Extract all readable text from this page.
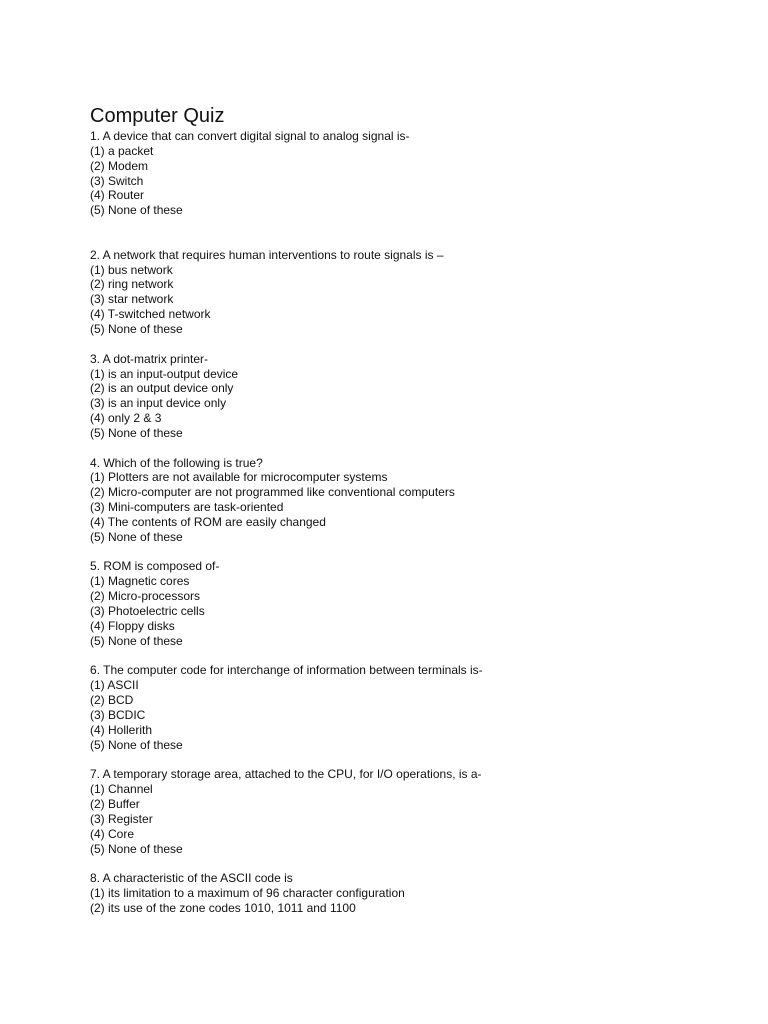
Computer Quiz
1. A device that can convert digital signal to analog signal is-
(1) a packet
(2) Modem
(3) Switch
(4) Router
(5) None of these
2. A network that requires human interventions to route signals is –
(1) bus network
(2) ring network
(3) star network
(4) T-switched network
(5) None of these
3. A dot-matrix printer-
(1) is an input-output device
(2) is an output device only
(3) is an input device only
(4) only 2 & 3
(5) None of these
4. Which of the following is true?
(1) Plotters are not available for microcomputer systems
(2) Micro-computer are not programmed like conventional computers
(3) Mini-computers are task-oriented
(4) The contents of ROM are easily changed
(5) None of these
5. ROM is composed of-
(1) Magnetic cores
(2) Micro-processors
(3) Photoelectric cells
(4) Floppy disks
(5) None of these
6. The computer code for interchange of information between terminals is-
(1) ASCII
(2) BCD
(3) BCDIC
(4) Hollerith
(5) None of these
7. A temporary storage area, attached to the CPU, for I/O operations, is a-
(1) Channel
(2) Buffer
(3) Register
(4) Core
(5) None of these
8. A characteristic of the ASCII code is
(1) its limitation to a maximum of 96 character configuration
(2) its use of the zone codes 1010, 1011 and 1100
